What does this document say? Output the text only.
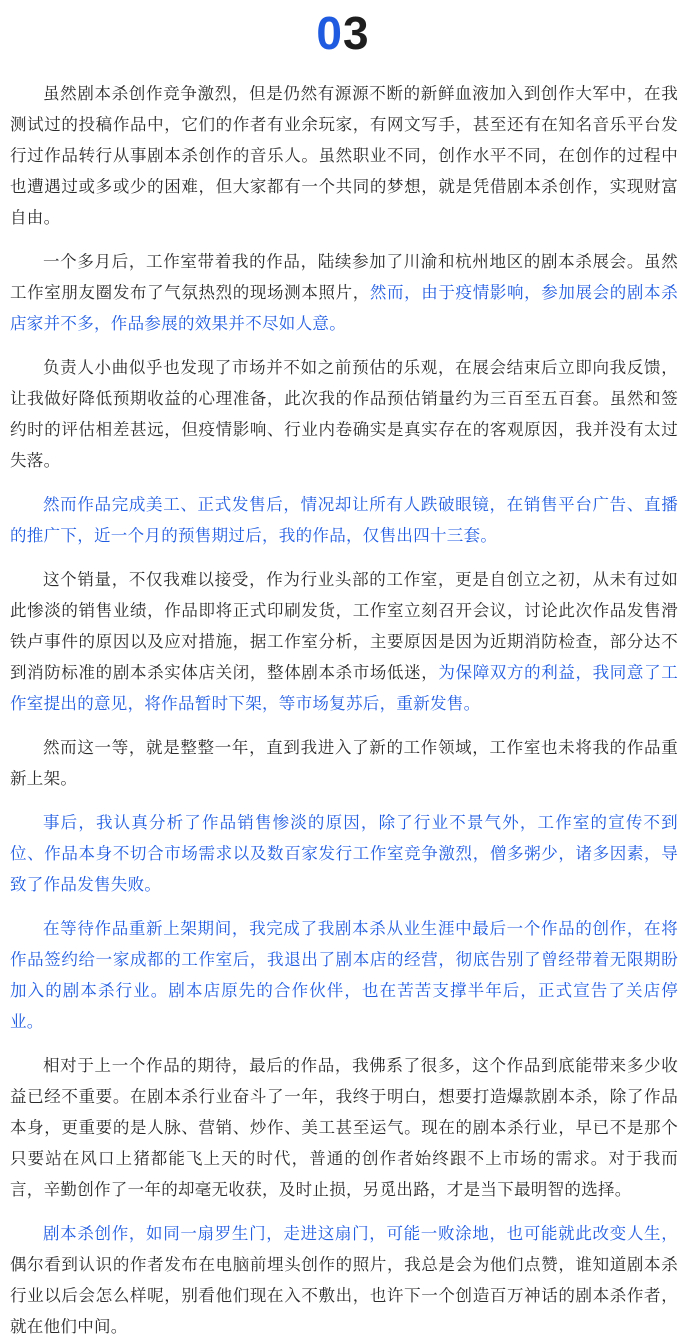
0 3

虽然剧本杀创作竞争激烈，但是仍然有源源不断的新鲜血液加入到创作大军中，在我测试过的投稿作品中，它们的作者有业余玩家，有网文写手，甚至还有在知名音乐平台发行过作品转行从事剧本杀创作的音乐人。虽然职业不同，创作水平不同，在创作的过程中也遭遇过或多或少的困难，但大家都有一个共同的梦想，就是凭借剧本杀创作，实现财富自由。

一个多月后，工作室带着我的作品，陆续参加了川渝和杭州地区的剧本杀展会。虽然工作室朋友圈发布了气氛热烈的现场测本照片，然而，由于疫情影响，参加展会的剧本杀店家并不多，作品参展的效果并不尽如人意。

负责人小曲似乎也发现了市场并不如之前预估的乐观，在展会结束后立即向我反馈，让我做好降低预期收益的心理准备，此次我的作品预估销量约为三百至五百套。虽然和签约时的评估相差甚远，但疫情影响、行业内卷确实是真实存在的客观原因，我并没有太过失落。

然而作品完成美工、正式发售后，情况却让所有人跌破眼镜，在销售平台广告、直播的推广下，近一个月的预售期过后，我的作品，仅售出四十三套。

这个销量，不仅我难以接受，作为行业头部的工作室，更是自创立之初，从未有过如此惨淡的销售业绩，作品即将正式印刷发货，工作室立刻召开会议，讨论此次作品发售滑铁卢事件的原因以及应对措施，据工作室分析，主要原因是因为近期消防检查，部分达不到消防标准的剧本杀实体店关闭，整体剧本杀市场低迷，为保障双方的利益，我同意了工作室提出的意见，将作品暂时下架，等市场复苏后，重新发售。

然而这一等，就是整整一年，直到我进入了新的工作领域，工作室也未将我的作品重新上架。

事后，我认真分析了作品销售惨淡的原因，除了行业不景气外，工作室的宣传不到位、作品本身不切合市场需求以及数百家发行工作室竞争激烈，僧多粥少，诸多因素，导致了作品发售失败。

在等待作品重新上架期间，我完成了我剧本杀从业生涯中最后一个作品的创作，在将作品签约给一家成都的工作室后，我退出了剧本店的经营，彻底告别了曾经带着无限期盼加入的剧本杀行业。剧本店原先的合作伙伴，也在苦苦支撑半年后，正式宣告了关店停业。

相对于上一个作品的期待，最后的作品，我佛系了很多，这个作品到底能带来多少收益已经不重要。在剧本杀行业奋斗了一年，我终于明白，想要打造爆款剧本杀，除了作品本身，更重要的是人脉、营销、炒作、美工甚至运气。现在的剧本杀行业，早已不是那个只要站在风口上猪都能飞上天的时代，普通的创作者始终跟不上市场的需求。对于我而言，辛勤创作了一年的却毫无收获，及时止损，另觅出路，才是当下最明智的选择。

剧本杀创作，如同一扇罗生门，走进这扇门，可能一败涂地，也可能就此改变人生，偶尔看到认识的作者发布在电脑前埋头创作的照片，我总是会为他们点赞，谁知道剧本杀行业以后会怎么样呢，别看他们现在入不敷出，也许下一个创造百万神话的剧本杀作者，就在他们中间。
